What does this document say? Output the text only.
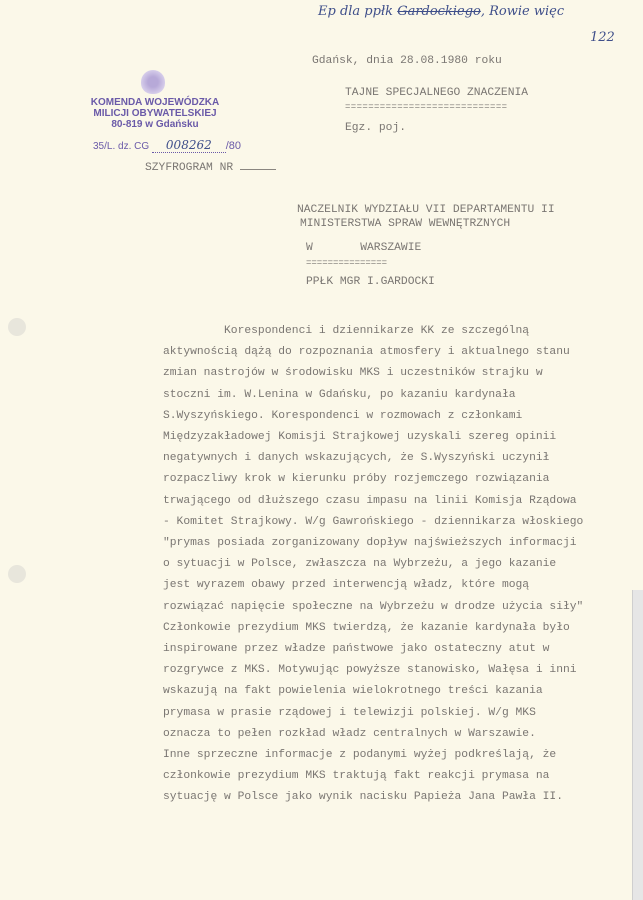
Ep dla ppłk Gardockiego, Rowie więc
122
Gdańsk, dnia 28.08.1980 roku
TAJNE SPECJALNEGO ZNACZENIA
============================
Egz. poj.
KOMENDA WOJEWÓDZKA
MILICJI OBYWATELSKIEJ
80-819 w Gdańsku
35/L. dz. CG 008262 /80
SZYFROGRAM NR
NACZELNIK WYDZIAŁU VII DEPARTAMENTU II
MINISTERSTWA SPRAW WEWNĘTRZNYCH
W       WARSZAWIE
===============
PPŁK MGR I.GARDOCKI
Korespondenci i dziennikarze KK ze szczególną
aktywnością dążą do rozpoznania atmosfery i aktualnego stanu
zmian nastrojów w środowisku MKS i uczestników strajku w
stoczni im. W.Lenina w Gdańsku, po kazaniu kardynała
S.Wyszyńskiego. Korespondenci w rozmowach z członkami
Międzyzakładowej Komisji Strajkowej uzyskali szereg opinii
negatywnych i danych wskazujących, że S.Wyszyński uczynił
rozpaczliwy krok w kierunku próby rozjemczego rozwiązania
trwającego od dłuższego czasu impasu na linii Komisja Rządowa
- Komitet Strajkowy. W/g Gawrońskiego - dziennikarza włoskiego
"prymas posiada zorganizowany dopływ najświeższych informacji
o sytuacji w Polsce, zwłaszcza na Wybrzeżu, a jego kazanie
jest wyrazem obawy przed interwencją władz, które mogą
rozwiązać napięcie społeczne na Wybrzeżu w drodze użycia siły"
Członkowie prezydium MKS twierdzą, że kazanie kardynała było
inspirowane przez władze państwowe jako ostateczny atut w
rozgrywce z MKS. Motywując powyższe stanowisko, Wałęsa i inni
wskazują na fakt powielenia wielokrotnego treści kazania
prymasa w prasie rządowej i telewizji polskiej. W/g MKS
oznacza to pełen rozkład władz centralnych w Warszawie.
Inne sprzeczne informacje z podanymi wyżej podkreślają, że
członkowie prezydium MKS traktują fakt reakcji prymasa na
sytuację w Polsce jako wynik nacisku Papieża Jana Pawła II.
